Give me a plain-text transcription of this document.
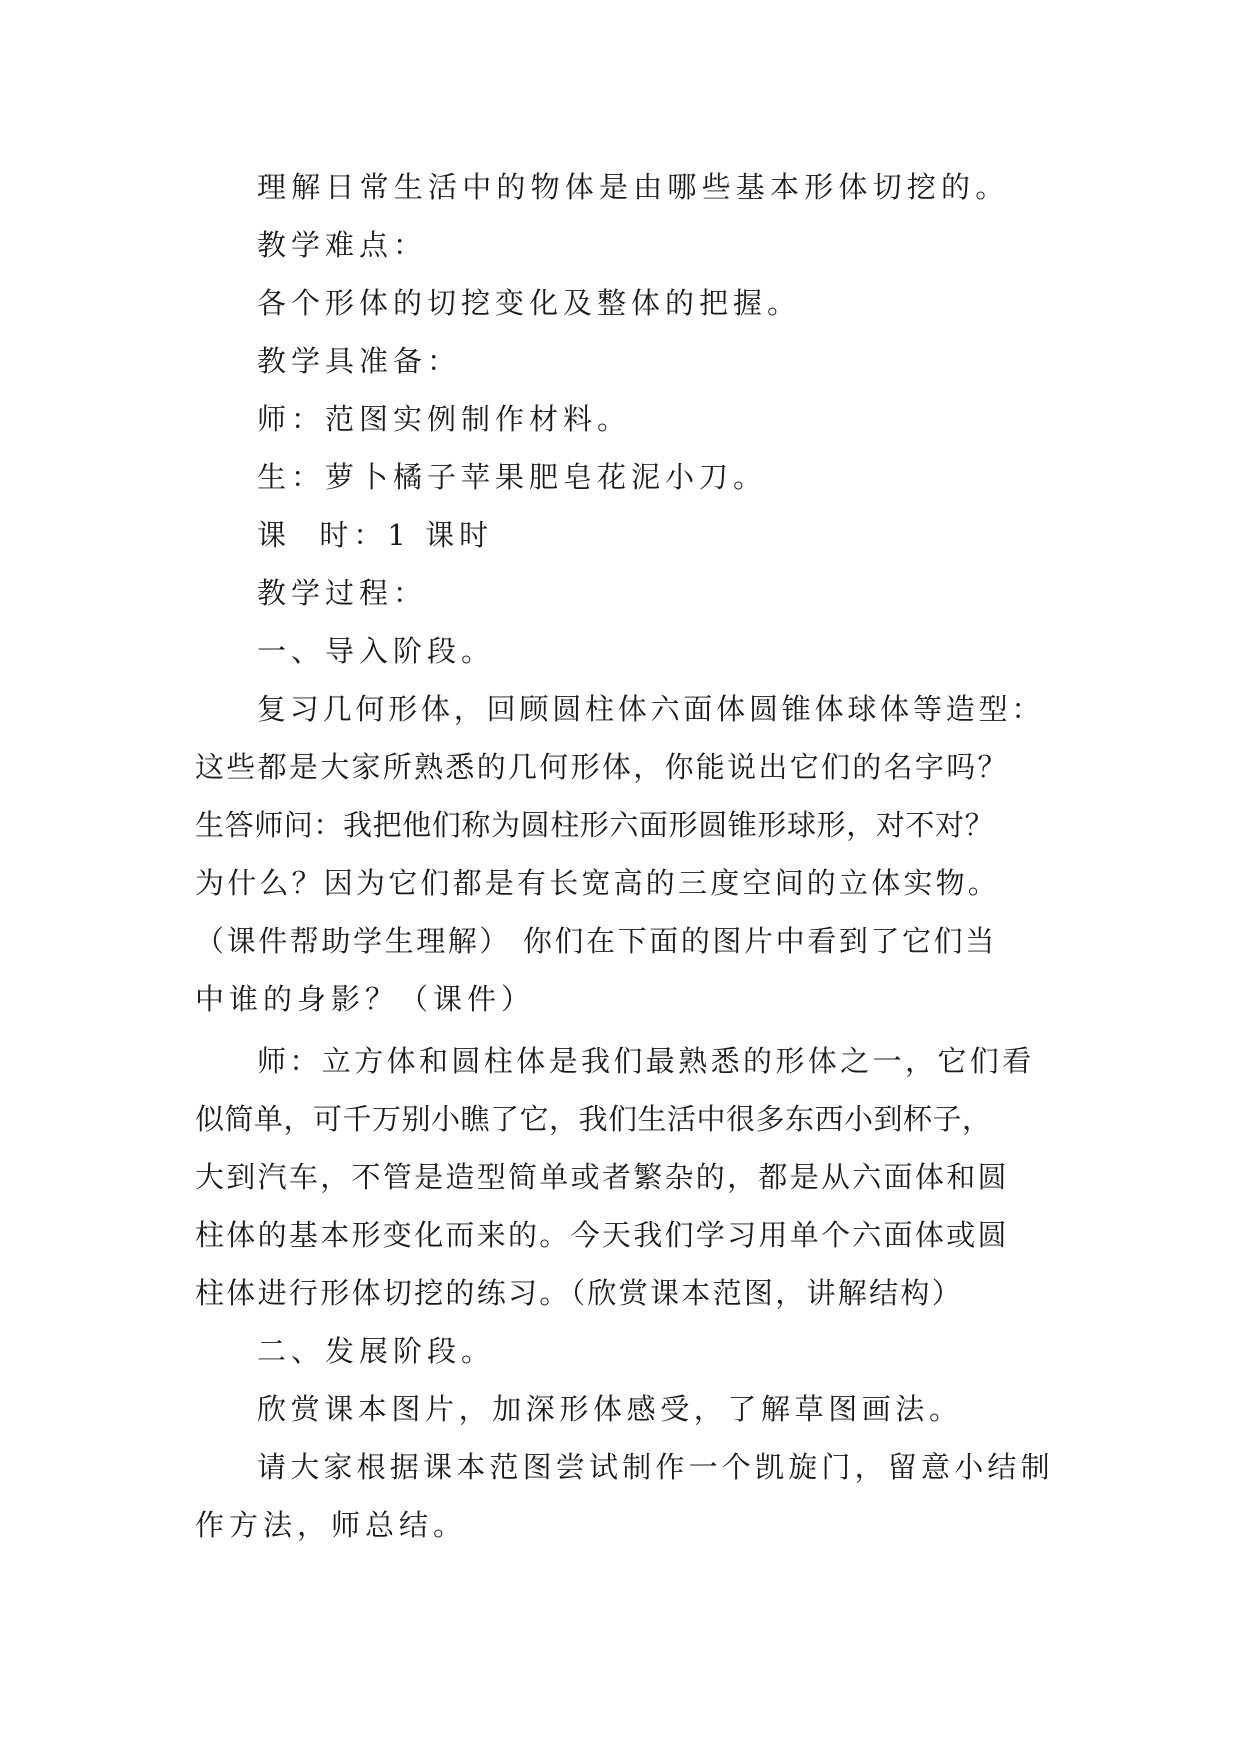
理解日常生活中的物体是由哪些基本形体切挖的。

教学难点：

各个形体的切挖变化及整体的把握。

教学具准备：

师：范图实例制作材料。

生：萝卜橘子苹果肥皂花泥小刀。

课  时：1 课时

教学过程：

一、导入阶段。

复习几何形体，回顾圆柱体六面体圆锥体球体等造型：

这些都是大家所熟悉的几何形体，你能说出它们的名字吗？

生答师问：我把他们称为圆柱形六面形圆锥形球形，对不对？

为什么？因为它们都是有长宽高的三度空间的立体实物。

（课件帮助学生理解） 你们在下面的图片中看到了它们当

中谁的身影？（课件）

师：立方体和圆柱体是我们最熟悉的形体之一，它们看

似简单，可千万别小瞧了它，我们生活中很多东西小到杯子，

大到汽车，不管是造型简单或者繁杂的，都是从六面体和圆

柱体的基本形变化而来的。今天我们学习用单个六面体或圆

柱体进行形体切挖的练习。（欣赏课本范图，讲解结构）

二、发展阶段。

欣赏课本图片，加深形体感受，了解草图画法。

请大家根据课本范图尝试制作一个凯旋门，留意小结制

作方法，师总结。
